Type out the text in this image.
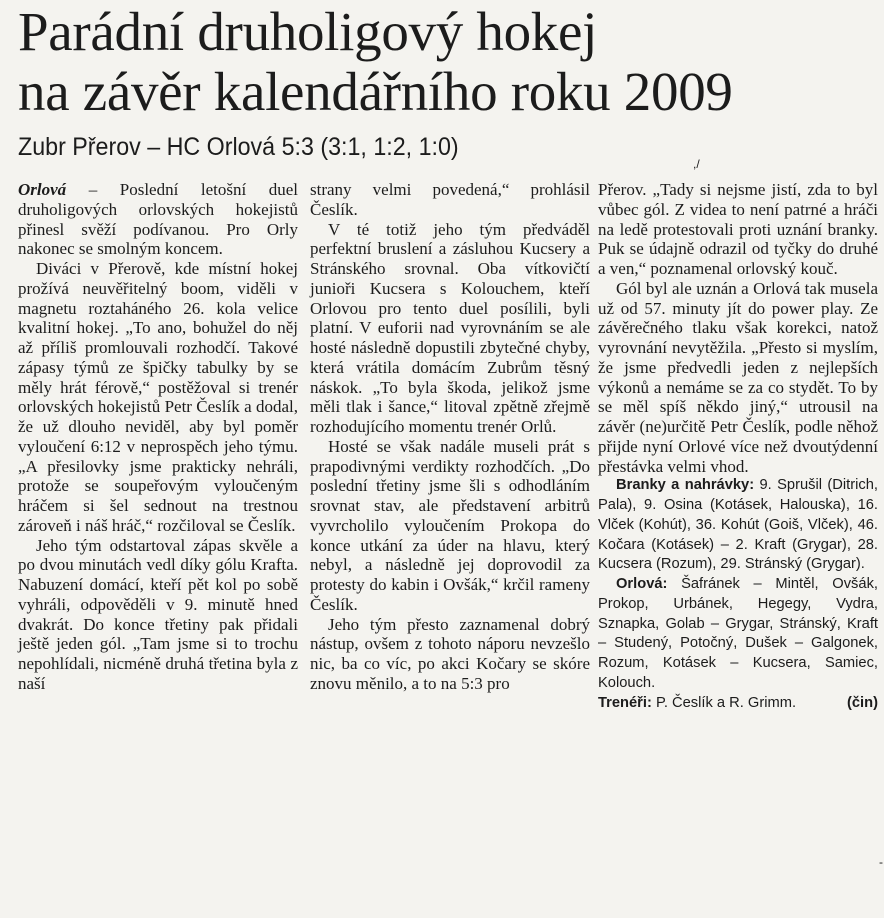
Parádní druholigový hokej
na závěr kalendářního roku 2009
Zubr Přerov – HC Orlová 5:3 (3:1, 1:2, 1:0)
,/

Orlová – Poslední letošní duel druholigových orlovských hokejistů přinesl svěží podívanou. Pro Orly nakonec se smolným koncem.

Diváci v Přerově, kde místní hokej prožívá neuvěřitelný boom, viděli v magnetu roztaháného 26. kola velice kvalitní hokej. „To ano, bohužel do něj až příliš promlouvali rozhodčí. Takové zápasy týmů ze špičky tabulky by se měly hrát férově,“ postěžoval si trenér orlovských hokejistů Petr Česlík a dodal, že už dlouho neviděl, aby byl poměr vyloučení 6:12 v neprospěch jeho týmu. „A přesilovky jsme prakticky nehráli, protože se soupeřovým vyloučeným hráčem si šel sednout na trestnou zároveň i náš hráč,“ rozčiloval se Česlík.

Jeho tým odstartoval zápas skvěle a po dvou minutách vedl díky gólu Krafta. Nabuzení domácí, kteří pět kol po sobě vyhráli, odpověděli v 9. minutě hned dvakrát. Do konce třetiny pak přidali ještě jeden gól. „Tam jsme si to trochu nepohlídali, nicméně druhá třetina byla z naší

strany velmi povedená,“ prohlásil Česlík.

V té totiž jeho tým předváděl perfektní bruslení a zásluhou Kucsery a Stránského srovnal. Oba vítkovičtí junioři Kucsera s Kolouchem, kteří Orlovou pro tento duel posílili, byli platní. V euforii nad vyrovnáním se ale hosté následně dopustili zbytečné chyby, která vrátila domácím Zubrům těsný náskok. „To byla škoda, jelikož jsme měli tlak i šance,“ litoval zpětně zřejmě rozhodujícího momentu trenér Orlů.

Hosté se však nadále museli prát s prapodivnými verdikty rozhodčích. „Do poslední třetiny jsme šli s odhodláním srovnat stav, ale představení arbitrů vyvrcholilo vyloučením Prokopa do konce utkání za úder na hlavu, který nebyl, a následně jej doprovodil za protesty do kabin i Ovšák,“ krčil rameny Česlík.

Jeho tým přesto zaznamenal dobrý nástup, ovšem z tohoto náporu nevzešlo nic, ba co víc, po akci Kočary se skóre znovu měnilo, a to na 5:3 pro

Přerov. „Tady si nejsme jistí, zda to byl vůbec gól. Z videa to není patrné a hráči na ledě protestovali proti uznání branky. Puk se údajně odrazil od tyčky do druhé a ven,“ poznamenal orlovský kouč.

Gól byl ale uznán a Orlová tak musela už od 57. minuty jít do power play. Ze závěrečného tlaku však korekci, natož vyrovnání nevytěžila. „Přesto si myslím, že jsme předvedli jeden z nejlepších výkonů a nemáme se za co stydět. To by se měl spíš někdo jiný,“ utrousil na závěr (ne)určitě Petr Česlík, podle něhož přijde nyní Orlové více než dvoutýdenní přestávka velmi vhod.

Branky a nahrávky: 9. Sprušil (Ditrich, Pala), 9. Osina (Kotásek, Halouska), 16. Vlček (Kohút), 36. Kohút (Goiš, Vlček), 46. Kočara (Kotásek) – 2. Kraft (Grygar), 28. Kucsera (Rozum), 29. Stránský (Grygar).

Orlová: Šafránek – Mintěl, Ovšák, Prokop, Urbánek, Hegegy, Vydra, Sznapka, Golab – Grygar, Stránský, Kraft – Studený, Potočný, Dušek – Galgonek, Rozum, Kotásek – Kucsera, Samiec, Kolouch.

Trenéři: P. Česlík a R. Grimm.	(čin)

-
